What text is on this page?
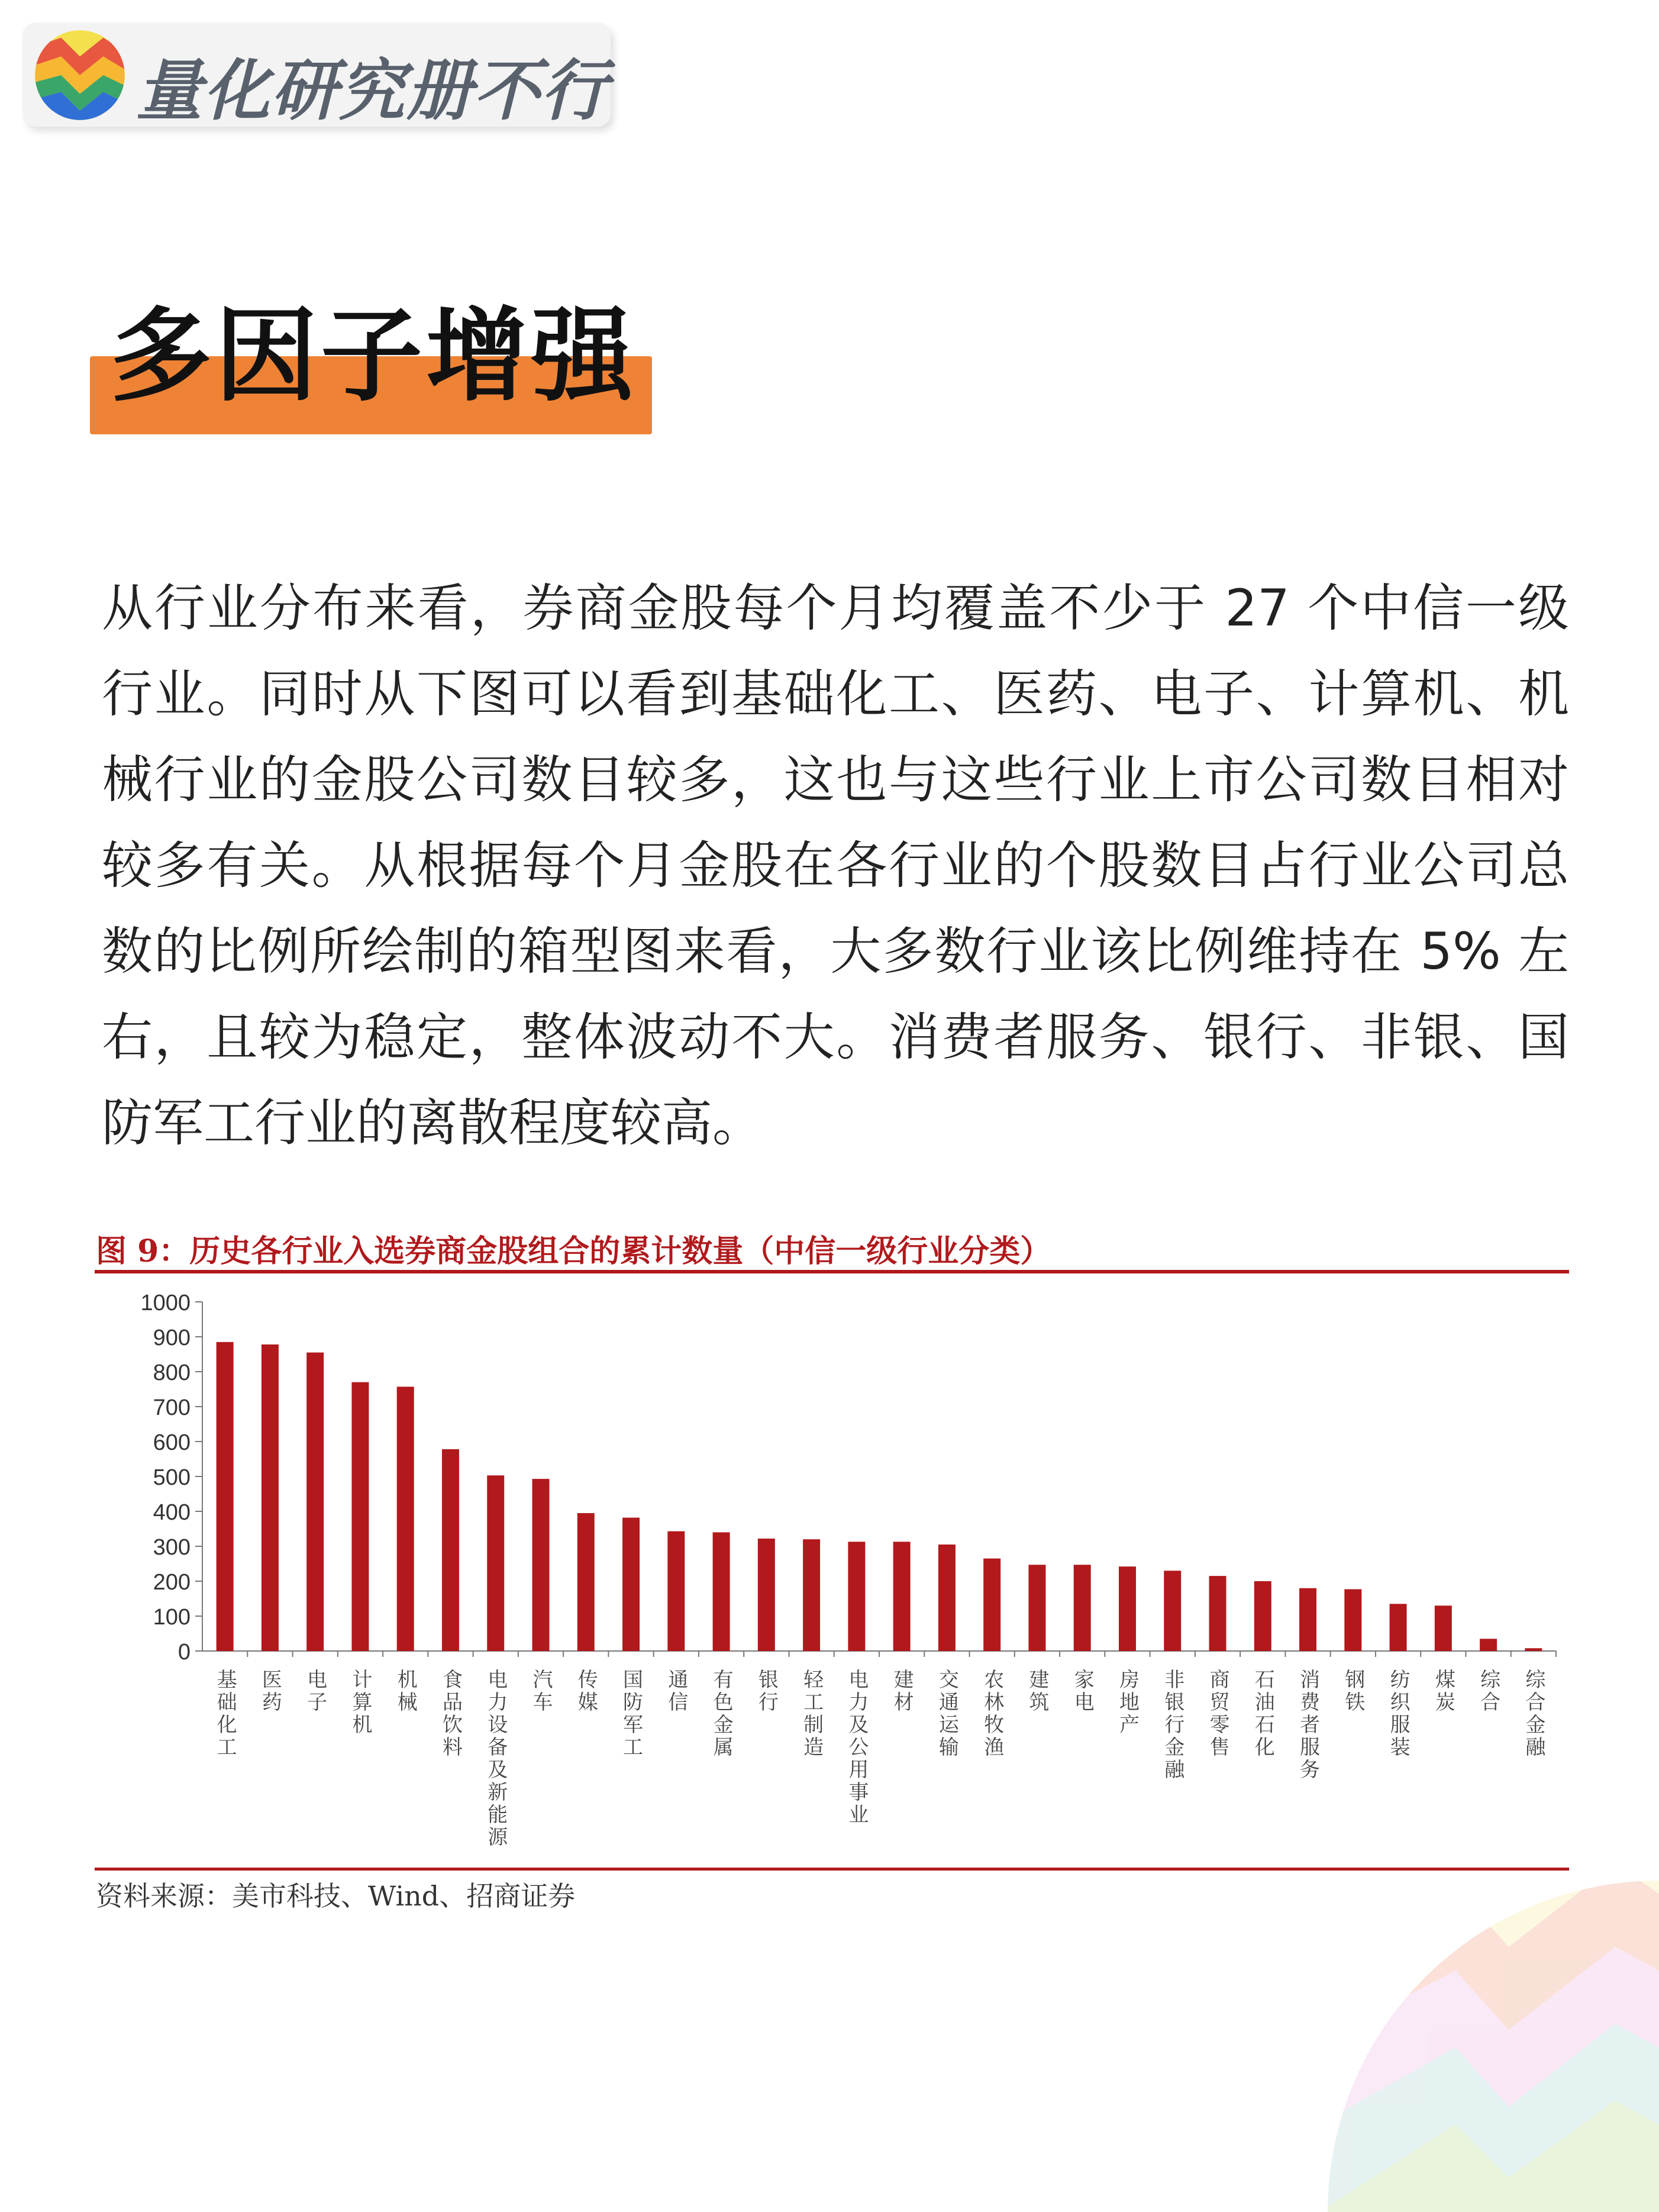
量化研究册不行
多因子增强

从行业分布来看，券商金股每个月均覆盖不少于 27 个中信一级行业。同时从下图可以看到基础化工、医药、电子、计算机、机械行业的金股公司数目较多，这也与这些行业上市公司数目相对较多有关。从根据每个月金股在各行业的个股数目占行业公司总数的比例所绘制的箱型图来看，大多数行业该比例维持在 5% 左右，且较为稳定，整体波动不大。消费者服务、银行、非银、国防军工行业的离散程度较高。

图 9：历史各行业入选券商金股组合的累计数量（中信一级行业分类）
0
100
200
300
400
500
600
700
800
900
1000
基础化工 医药 电子 计算机 机械 食品饮料 电力设备及新能源 汽车 传媒 国防军工 通信 有色金属 银行 轻工制造 电力及公用事业 建材 交通运输 农林牧渔 建筑 家电 房地产 非银行金融 商贸零售 石油石化 消费者服务 钢铁 纺织服装 煤炭 综合 综合金融
资料来源：美市科技、Wind、招商证券
